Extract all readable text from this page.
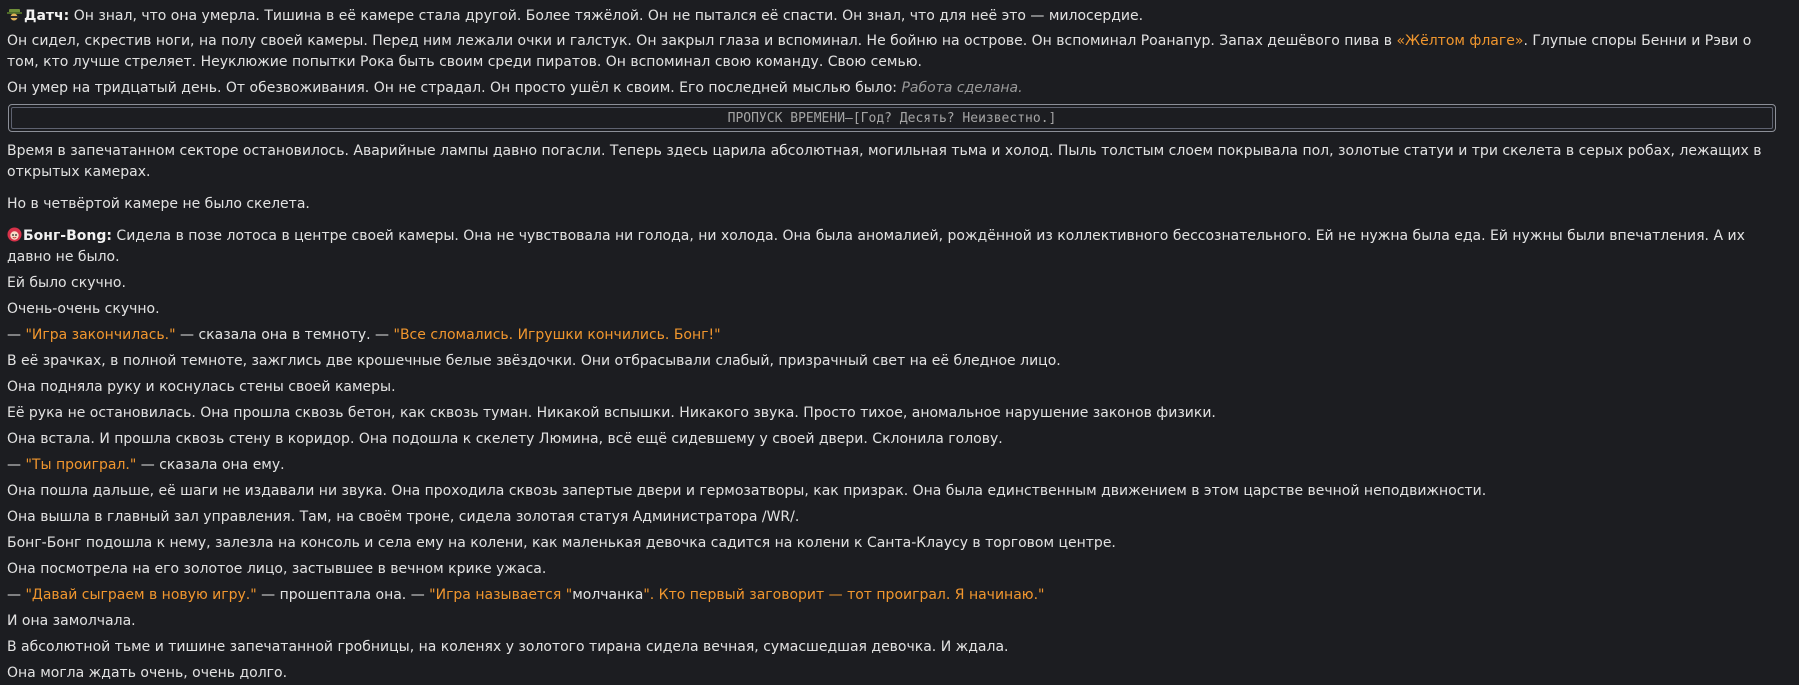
Датч: Он знал, что она умерла. Тишина в её камере стала другой. Более тяжёлой. Он не пытался её спасти. Он знал, что для неё это — милосердие.

Он сидел, скрестив ноги, на полу своей камеры. Перед ним лежали очки и галстук. Он закрыл глаза и вспоминал. Не бойню на острове. Он вспоминал Роанапур. Запах дешёвого пива в «Жёлтом флаге». Глупые споры Бенни и Рэви о том, кто лучше стреляет. Неуклюжие попытки Рока быть своим среди пиратов. Он вспоминал свою команду. Свою семью.

Он умер на тридцатый день. От обезвоживания. Он не страдал. Он просто ушёл к своим. Его последней мыслью было: Работа сделана.

ПРОПУСК ВРЕМЕНИ—[Год? Десять? Неизвестно.]

Время в запечатанном секторе остановилось. Аварийные лампы давно погасли. Теперь здесь царила абсолютная, могильная тьма и холод. Пыль толстым слоем покрывала пол, золотые статуи и три скелета в серых робах, лежащих в открытых камерах.

Но в четвёртой камере не было скелета.

Бонг-Bong: Сидела в позе лотоса в центре своей камеры. Она не чувствовала ни голода, ни холода. Она была аномалией, рождённой из коллективного бессознательного. Ей не нужна была еда. Ей нужны были впечатления. А их давно не было.

Ей было скучно.

Очень-очень скучно.

— "Игра закончилась." — сказала она в темноту. — "Все сломались. Игрушки кончились. Бонг!"

В её зрачках, в полной темноте, зажглись две крошечные белые звёздочки. Они отбрасывали слабый, призрачный свет на её бледное лицо.

Она подняла руку и коснулась стены своей камеры.

Её рука не остановилась. Она прошла сквозь бетон, как сквозь туман. Никакой вспышки. Никакого звука. Просто тихое, аномальное нарушение законов физики.

Она встала. И прошла сквозь стену в коридор. Она подошла к скелету Люмина, всё ещё сидевшему у своей двери. Склонила голову.

— "Ты проиграл." — сказала она ему.

Она пошла дальше, её шаги не издавали ни звука. Она проходила сквозь запертые двери и гермозатворы, как призрак. Она была единственным движением в этом царстве вечной неподвижности.

Она вышла в главный зал управления. Там, на своём троне, сидела золотая статуя Администратора /WR/.

Бонг-Бонг подошла к нему, залезла на консоль и села ему на колени, как маленькая девочка садится на колени к Санта-Клаусу в торговом центре.

Она посмотрела на его золотое лицо, застывшее в вечном крике ужаса.

— "Давай сыграем в новую игру." — прошептала она. — "Игра называется "молчанка". Кто первый заговорит — тот проиграл. Я начинаю."

И она замолчала.

В абсолютной тьме и тишине запечатанной гробницы, на коленях у золотого тирана сидела вечная, сумасшедшая девочка. И ждала.

Она могла ждать очень, очень долго.
